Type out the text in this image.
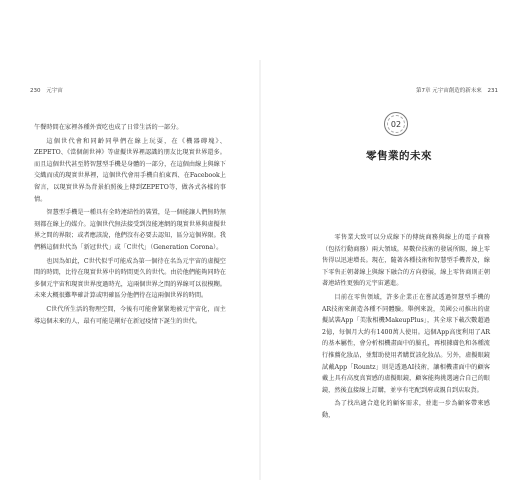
230 元宇宙

午餐時間在家裡各種外賣吃也成了日常生活的一部分。

這個世代會和同齡同學們在線上玩耍，在《機器磚塊》、ZEPETO、《當個創世神》等虛擬世界裡認識的朋友比現實世界還多。而且這個世代甚至將智慧型手機是身體的一部分，在這個由線上與線下交織而成的現實世界裡，這個世代會用手機自拍東西、在Facebook上留言，以現實世界為背景拍照後上傳到ZEPETO等，做各式各樣的事情。

智慧型手機是一種具有全時連結性的裝置，是一個能讓人們無時無刻都在線上的媒介。這個世代無法接受到沒能連網的現實世界與虛擬世界之間的界限；或者應該說，他們沒有必要去認知，區分這個界限。我們稱這個世代為「新冠世代」或「C世代」（Generation Corona）。

也因為如此，C世代似乎可能成為第一個待在名為元宇宙的虛擬空間的時間，比待在現實世界中的時間更久的世代。由於他們能夠同時在多個元宇宙和現實世界度過時光，這兩個世界之間的界線可以很模糊。未來大概很難準確計算或明確區分他們待在這兩個世界的時間。

C世代所生活的物理空間，今後有可能會緊緊地被元宇宙化，而主導這個未來的人，最有可能是剛好在新冠疫情下誕生的世代。

第7章 元宇宙創造的新未來 231
02
零售業的未來

零售業大致可以分成線下的傳統商務與線上的電子商務（包括行動商務）兩大領域。昇數位技術的發展所賜，線上零售得以迅速增長。現在，隨著各種技術和智慧型手機普及，線下零售正朝著線上與線下融合的方向發展，線上零售商則正朝著連結性更強的元宇宙邁進。

目前在零售領域，許多企業正在嘗試透過智慧型手機的AR技術來創造各種不同體驗。舉例來說，美國公司推出的虛擬試裝App「美妝相機MakeupPlus」，其全球下載次數超過2億，每個月大約有1400萬人使用。這個App高度利用了AR的基本屬性，會分析相機畫面中的臉孔，再根據膚色和各種流行推薦化妝品，並幫助使用者購買該化妝品。另外，虛擬眼鏡試戴App「Rountz」則是透過AI技術，讓相機畫面中的顧客戴上具有高度真實感的虛擬眼鏡，顧客能夠挑選適合自己的眼鏡，然後直接線上訂購，並享有宅配到府或親自到店取貨。

為了找出適合進化的顧客需求，並進一步為顧客帶來感動，
